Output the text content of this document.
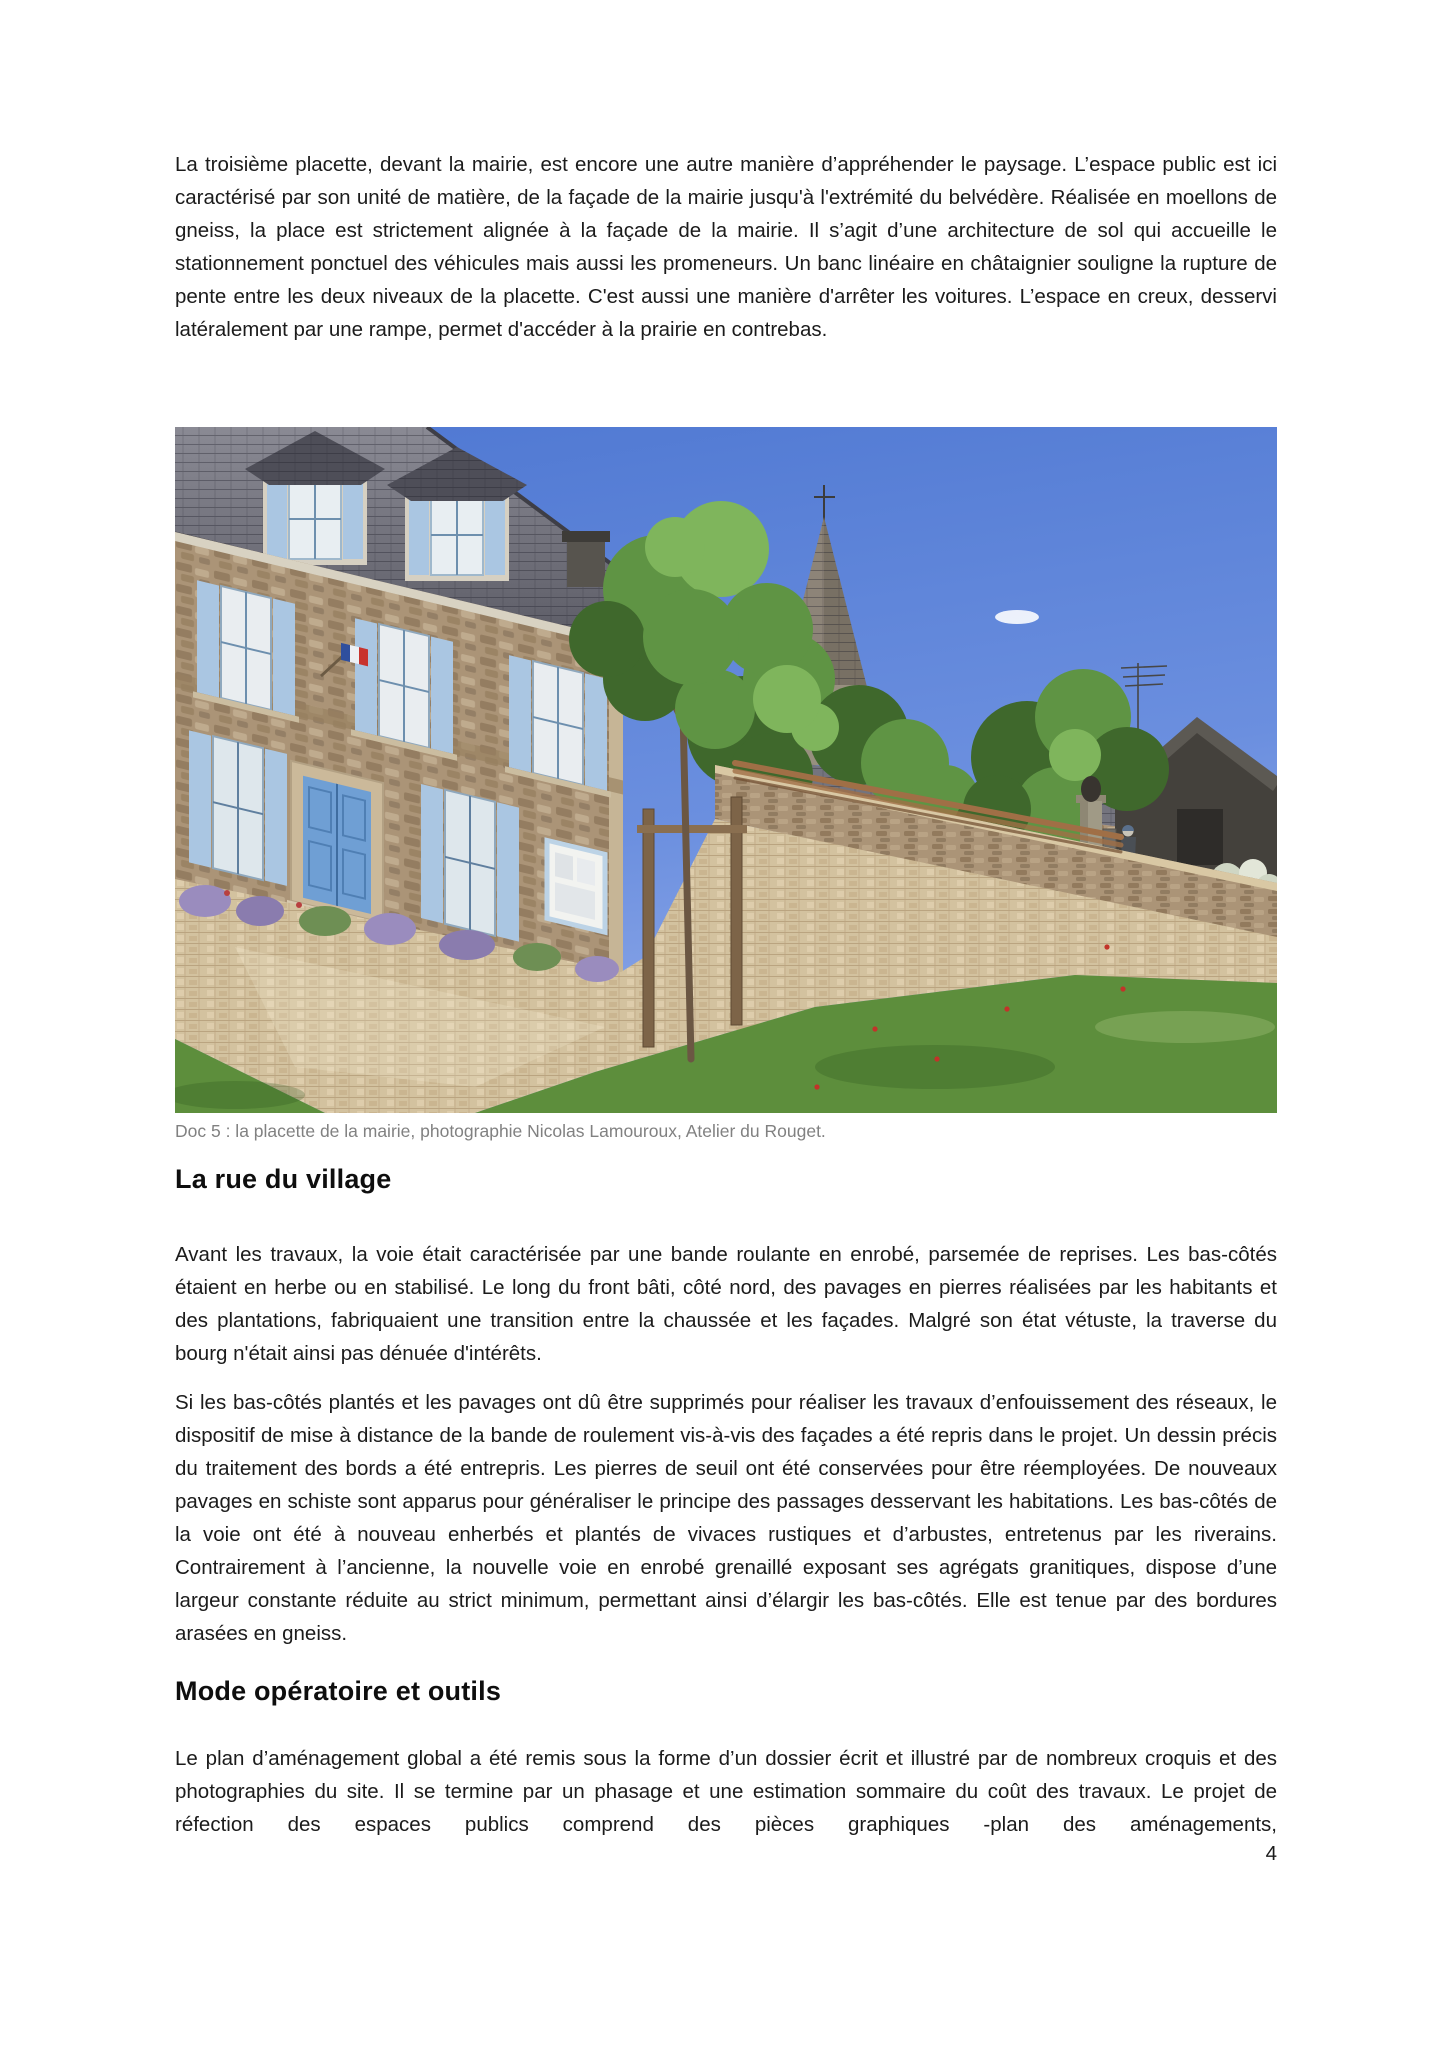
La troisième placette, devant la mairie, est encore une autre manière d’appréhender le paysage. L’espace public est ici caractérisé par son unité de matière, de la façade de la mairie jusqu'à l'extrémité du belvédère. Réalisée en moellons de gneiss, la place est strictement alignée à la façade de la mairie. Il s’agit d’une architecture de sol qui accueille le stationnement ponctuel des véhicules mais aussi les promeneurs. Un banc linéaire en châtaignier souligne la rupture de pente entre les deux niveaux de la placette. C'est aussi une manière d'arrêter les voitures. L’espace en creux, desservi latéralement par une rampe, permet d'accéder à la prairie en contrebas.

Doc 5 : la placette de la mairie, photographie Nicolas Lamouroux, Atelier du Rouget.

La rue du village

Avant les travaux, la voie était caractérisée par une bande roulante en enrobé, parsemée de reprises. Les bas-côtés étaient en herbe ou en stabilisé. Le long du front bâti, côté nord, des pavages en pierres réalisées par les habitants et des plantations, fabriquaient une transition entre la chaussée et les façades. Malgré son état vétuste, la traverse du bourg n'était ainsi pas dénuée d'intérêts.

Si les bas-côtés plantés et les pavages ont dû être supprimés pour réaliser les travaux d’enfouissement des réseaux, le dispositif de mise à distance de la bande de roulement vis-à-vis des façades a été repris dans le projet. Un dessin précis du traitement des bords a été entrepris. Les pierres de seuil ont été conservées pour être réemployées. De nouveaux pavages en schiste sont apparus pour généraliser le principe des passages desservant les habitations. Les bas-côtés de la voie ont été à nouveau enherbés et plantés de vivaces rustiques et d’arbustes, entretenus par les riverains. Contrairement à l’ancienne, la nouvelle voie en enrobé grenaillé exposant ses agrégats granitiques, dispose d’une largeur constante réduite au strict minimum, permettant ainsi d’élargir les bas-côtés. Elle est tenue par des bordures arasées en gneiss.

Mode opératoire et outils

Le plan d’aménagement global a été remis sous la forme d’un dossier écrit et illustré par de nombreux croquis et des photographies du site. Il se termine par un phasage et une estimation sommaire du coût des travaux. Le projet de réfection des espaces publics comprend des pièces graphiques -plan des aménagements,

4
